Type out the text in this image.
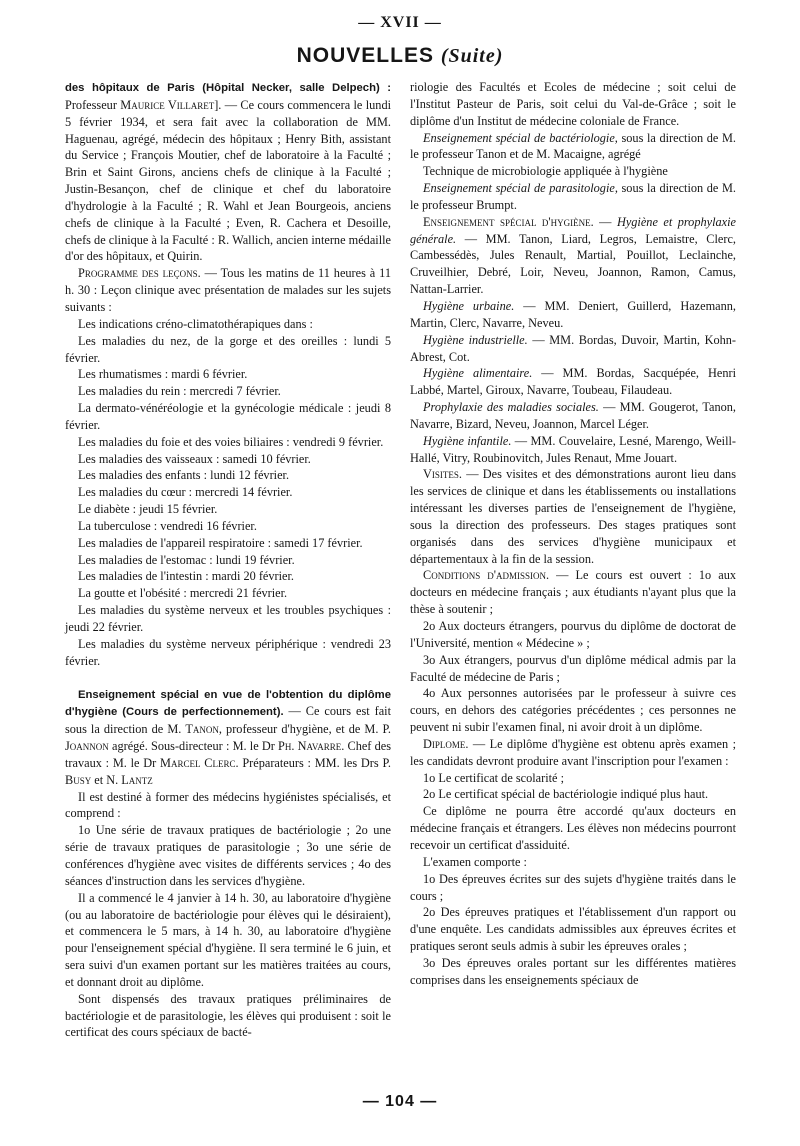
— XVII —
NOUVELLES (Suite)

des hôpitaux de Paris (Hôpital Necker, salle Delpech) : Professeur Maurice Villaret]. — Ce cours commencera le lundi 5 février 1934, et sera fait avec la collaboration de MM. Haguenau, agrégé, médecin des hôpitaux ; Henry Bith, assistant du Service ; François Moutier, chef de laboratoire à la Faculté ; Brin et Saint Girons, anciens chefs de clinique à la Faculté ; Justin-Besançon, chef de clinique et chef du laboratoire d'hydrologie à la Faculté ; R. Wahl et Jean Bourgeois, anciens chefs de clinique à la Faculté ; Even, R. Cachera et Desoille, chefs de clinique à la Faculté : R. Wallich, ancien interne médaille d'or des hôpitaux, et Quirin.

Programme des leçons. — Tous les matins de 11 heures à 11 h. 30 : Leçon clinique avec présentation de malades sur les sujets suivants :

Les indications créno-climatothérapiques dans :

Les maladies du nez, de la gorge et des oreilles : lundi 5 février.

Les rhumatismes : mardi 6 février.

Les maladies du rein : mercredi 7 février.

La dermato-vénéréologie et la gynécologie médicale : jeudi 8 février.

Les maladies du foie et des voies biliaires : vendredi 9 février.

Les maladies des vaisseaux : samedi 10 février.

Les maladies des enfants : lundi 12 février.

Les maladies du cœur : mercredi 14 février.

Le diabète : jeudi 15 février.

La tuberculose : vendredi 16 février.

Les maladies de l'appareil respiratoire : samedi 17 février.

Les maladies de l'estomac : lundi 19 février.

Les maladies de l'intestin : mardi 20 février.

La goutte et l'obésité : mercredi 21 février.

Les maladies du système nerveux et les troubles psychiques : jeudi 22 février.

Les maladies du système nerveux périphérique : vendredi 23 février.

Enseignement spécial en vue de l'obtention du diplôme d'hygiène (Cours de perfectionnement). — Ce cours est fait sous la direction de M. Tanon, professeur d'hygiène, et de M. P. Joannon agrégé. Sous-directeur : M. le Dr Ph. Navarre. Chef des travaux : M. le Dr Marcel Clerc. Préparateurs : MM. les Drs P. Busy et N. Lantz

Il est destiné à former des médecins hygiénistes spécialisés, et comprend :

1o Une série de travaux pratiques de bactériologie ; 2o une série de travaux pratiques de parasitologie ; 3o une série de conférences d'hygiène avec visites de différents services ; 4o des séances d'instruction dans les services d'hygiène.

Il a commencé le 4 janvier à 14 h. 30, au laboratoire d'hygiène (ou au laboratoire de bactériologie pour élèves qui le désiraient), et commencera le 5 mars, à 14 h. 30, au laboratoire d'hygiène pour l'enseignement spécial d'hygiène. Il sera terminé le 6 juin, et sera suivi d'un examen portant sur les matières traitées au cours, et donnant droit au diplôme.

Sont dispensés des travaux pratiques préliminaires de bactériologie et de parasitologie, les élèves qui produisent : soit le certificat des cours spéciaux de bacté-

riologie des Facultés et Ecoles de médecine ; soit celui de l'Institut Pasteur de Paris, soit celui du Val-de-Grâce ; soit le diplôme d'un Institut de médecine coloniale de France.

Enseignement spécial de bactériologie, sous la direction de M. le professeur Tanon et de M. Macaigne, agrégé

Technique de microbiologie appliquée à l'hygiène

Enseignement spécial de parasitologie, sous la direction de M. le professeur Brumpt.

Enseignement spécial d'hygiène. — Hygiène et prophylaxie générale. — MM. Tanon, Liard, Legros, Lemaistre, Clerc, Cambessédès, Jules Renault, Martial, Pouillot, Leclainche, Cruveilhier, Debré, Loir, Neveu, Joannon, Ramon, Camus, Nattan-Larrier.

Hygiène urbaine. — MM. Deniert, Guillerd, Hazemann, Martin, Clerc, Navarre, Neveu.

Hygiène industrielle. — MM. Bordas, Duvoir, Martin, Kohn-Abrest, Cot.

Hygiène alimentaire. — MM. Bordas, Sacquépée, Henri Labbé, Martel, Giroux, Navarre, Toubeau, Filaudeau.

Prophylaxie des maladies sociales. — MM. Gougerot, Tanon, Navarre, Bizard, Neveu, Joannon, Marcel Léger.

Hygiène infantile. — MM. Couvelaire, Lesné, Marengo, Weill-Hallé, Vitry, Roubinovitch, Jules Renaut, Mme Jouart.

Visites. — Des visites et des démonstrations auront lieu dans les services de clinique et dans les établissements ou installations intéressant les diverses parties de l'enseignement de l'hygiène, sous la direction des professeurs. Des stages pratiques sont organisés dans des services d'hygiène municipaux et départementaux à la fin de la session.

Conditions d'admission. — Le cours est ouvert : 1o aux docteurs en médecine français ; aux étudiants n'ayant plus que la thèse à soutenir ;

2o Aux docteurs étrangers, pourvus du diplôme de doctorat de l'Université, mention « Médecine » ;

3o Aux étrangers, pourvus d'un diplôme médical admis par la Faculté de médecine de Paris ;

4o Aux personnes autorisées par le professeur à suivre ces cours, en dehors des catégories précédentes ; ces personnes ne peuvent ni subir l'examen final, ni avoir droit à un diplôme.

Diplome. — Le diplôme d'hygiène est obtenu après examen ; les candidats devront produire avant l'inscription pour l'examen :

1o Le certificat de scolarité ;

2o Le certificat spécial de bactériologie indiqué plus haut.

Ce diplôme ne pourra être accordé qu'aux docteurs en médecine français et étrangers. Les élèves non médecins pourront recevoir un certificat d'assiduité.

L'examen comporte :

1o Des épreuves écrites sur des sujets d'hygiène traités dans le cours ;

2o Des épreuves pratiques et l'établissement d'un rapport ou d'une enquête. Les candidats admissibles aux épreuves écrites et pratiques seront seuls admis à subir les épreuves orales ;

3o Des épreuves orales portant sur les différentes matières comprises dans les enseignements spéciaux de

— 104 —
